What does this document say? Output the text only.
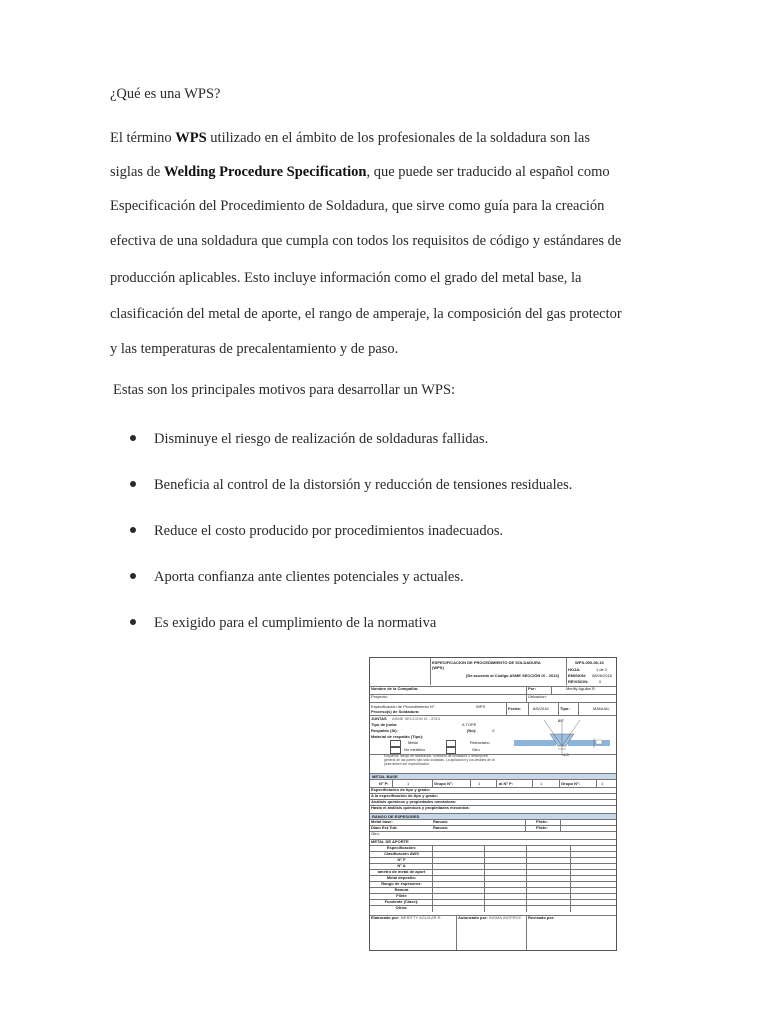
¿Qué es una WPS?
El término WPS utilizado en el ámbito de los profesionales de la soldadura son las
siglas de Welding Procedure Specification, que puede ser traducido al español como
Especificación del Procedimiento de Soldadura, que sirve como guía para la creación
efectiva de una soldadura que cumpla con todos los requisitos de código y estándares de
producción aplicables. Esto incluye información como el grado del metal base, la
clasificación del metal de aporte, el rango de amperaje, la composición del gas protector
y las temperaturas de precalentamiento y de paso.
Estas son los principales motivos para desarrollar un WPS:
Disminuye el riesgo de realización de soldaduras fallidas.
Beneficia al control de la distorsión y reducción de tensiones residuales.
Reduce el costo producido por procedimientos inadecuados.
Aporta confianza ante clientes potenciales y actuales.
Es exigido para el cumplimiento de la normativa
ESPECIFICACION DE PROCEDIMIENTO DE SOLDADURA (WPS)
(De acuerdo al Código ASME SECCIÓN IX - 2013)
WPS-000-06-16
HOJA:	1 de 2
EMISION: 08/06/2016
REVISION:	0
Nombre de la Compañía:	Por:	Merilly Aguilar R.
Proyecto:	Ubicacion:
Especificación de Procedimiento N°:	WPS	Fecha:	8/6/2016	Tipo:	MANUAL
Proceso(s) de Soldadura:
JUNTAS ASME SECCION IX - 2013
Tipo de junta:	A TOPE
Respaldo (Si):	(No):	X
Material de respaldo (Tipo):
Metal	Retractario
No metálico	Otro
60°
4.8
Esquema, dibujo de fabricación, símbolos de soldadura o descripción general de las partes han sido soldadas. La aplicación y los detalles de la junta deben ser especificados.
METAL BASE
N° P:	1	Grupo N°:	1	al N° P:	1	Grupo N°:	1
Especificación de tipo y grado:
A la especificación de tipo y grado:
Análisis químicos y propiedades mecánicas:
Hasta el análisis químicos y propiedades mecanica:
RANGO DE ESPESORES
Metal base:	Ranura:	Filete:
Diam Ext.Tub:	Ranura:	Filete:
Otro:
METAL DE APORTE
Especificación:
Clasificación AWS
N° F
N° A
ametro de metal de aport
Metal deposito:
Rango de espesores:
Ranura
Filete
Fundente (Clase):
Otros:
Elaborado por: MERITTY AGUILAR R.	Autorizado por: INGMA INGPROC	Revisado por:
